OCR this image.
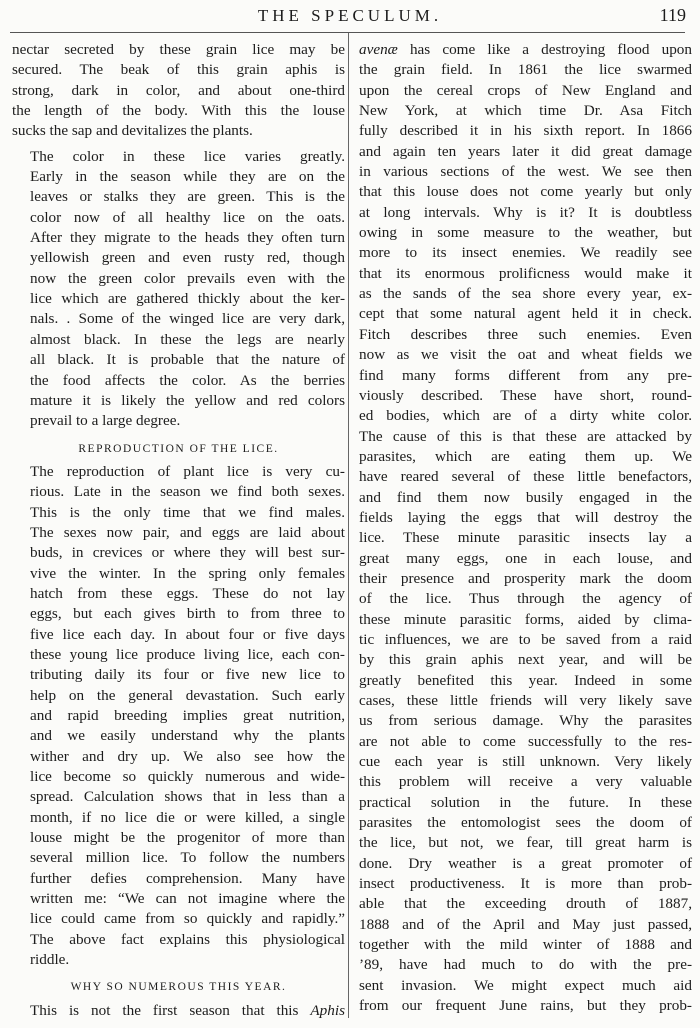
THE SPECULUM.	119
nectar secreted by these grain lice may be
secured. The beak of this grain aphis is
strong, dark in color, and about one-third
the length of the body. With this the louse
sucks the sap and devitalizes the plants.
The color in these lice varies greatly.
Early in the season while they are on the
leaves or stalks they are green. This is the
color now of all healthy lice on the oats.
After they migrate to the heads they often turn
yellowish green and even rusty red, though
now the green color prevails even with the
lice which are gathered thickly about the ker-
nals. . Some of the winged lice are very dark,
almost black. In these the legs are nearly
all black. It is probable that the nature of
the food affects the color. As the berries
mature it is likely the yellow and red colors
prevail to a large degree.
REPRODUCTION OF THE LICE.
The reproduction of plant lice is very cu-
rious. Late in the season we find both sexes.
This is the only time that we find males.
The sexes now pair, and eggs are laid about
buds, in crevices or where they will best sur-
vive the winter. In the spring only females
hatch from these eggs. These do not lay
eggs, but each gives birth to from three to
five lice each day. In about four or five days
these young lice produce living lice, each con-
tributing daily its four or five new lice to
help on the general devastation. Such early
and rapid breeding implies great nutrition,
and we easily understand why the plants
wither and dry up. We also see how the
lice become so quickly numerous and wide-
spread. Calculation shows that in less than a
month, if no lice die or were killed, a single
louse might be the progenitor of more than
several million lice. To follow the numbers
further defies comprehension. Many have
written me: “We can not imagine where the
lice could came from so quickly and rapidly.”
The above fact explains this physiological
riddle.
WHY SO NUMEROUS THIS YEAR.
This is not the first season that this Aphis
avenæ has come like a destroying flood upon
the grain field. In 1861 the lice swarmed
upon the cereal crops of New England and
New York, at which time Dr. Asa Fitch
fully described it in his sixth report. In 1866
and again ten years later it did great damage
in various sections of the west. We see then
that this louse does not come yearly but only
at long intervals. Why is it? It is doubtless
owing in some measure to the weather, but
more to its insect enemies. We readily see
that its enormous prolificness would make it
as the sands of the sea shore every year, ex-
cept that some natural agent held it in check.
Fitch describes three such enemies. Even
now as we visit the oat and wheat fields we
find many forms different from any pre-
viously described. These have short, round-
ed bodies, which are of a dirty white color.
The cause of this is that these are attacked by
parasites, which are eating them up. We
have reared several of these little benefactors,
and find them now busily engaged in the
fields laying the eggs that will destroy the
lice. These minute parasitic insects lay a
great many eggs, one in each louse, and
their presence and prosperity mark the doom
of the lice. Thus through the agency of
these minute parasitic forms, aided by clima-
tic influences, we are to be saved from a raid
by this grain aphis next year, and will be
greatly benefited this year. Indeed in some
cases, these little friends will very likely save
us from serious damage. Why the parasites
are not able to come successfully to the res-
cue each year is still unknown. Very likely
this problem will receive a very valuable
practical solution in the future. In these
parasites the entomologist sees the doom of
the lice, but not, we fear, till great harm is
done. Dry weather is a great promoter of
insect productiveness. It is more than prob-
able that the exceeding drouth of 1887,
1888 and of the April and May just passed,
together with the mild winter of 1888 and
’89, have had much to do with the pre-
sent invasion. We might expect much aid
from our frequent June rains, but they prob-
